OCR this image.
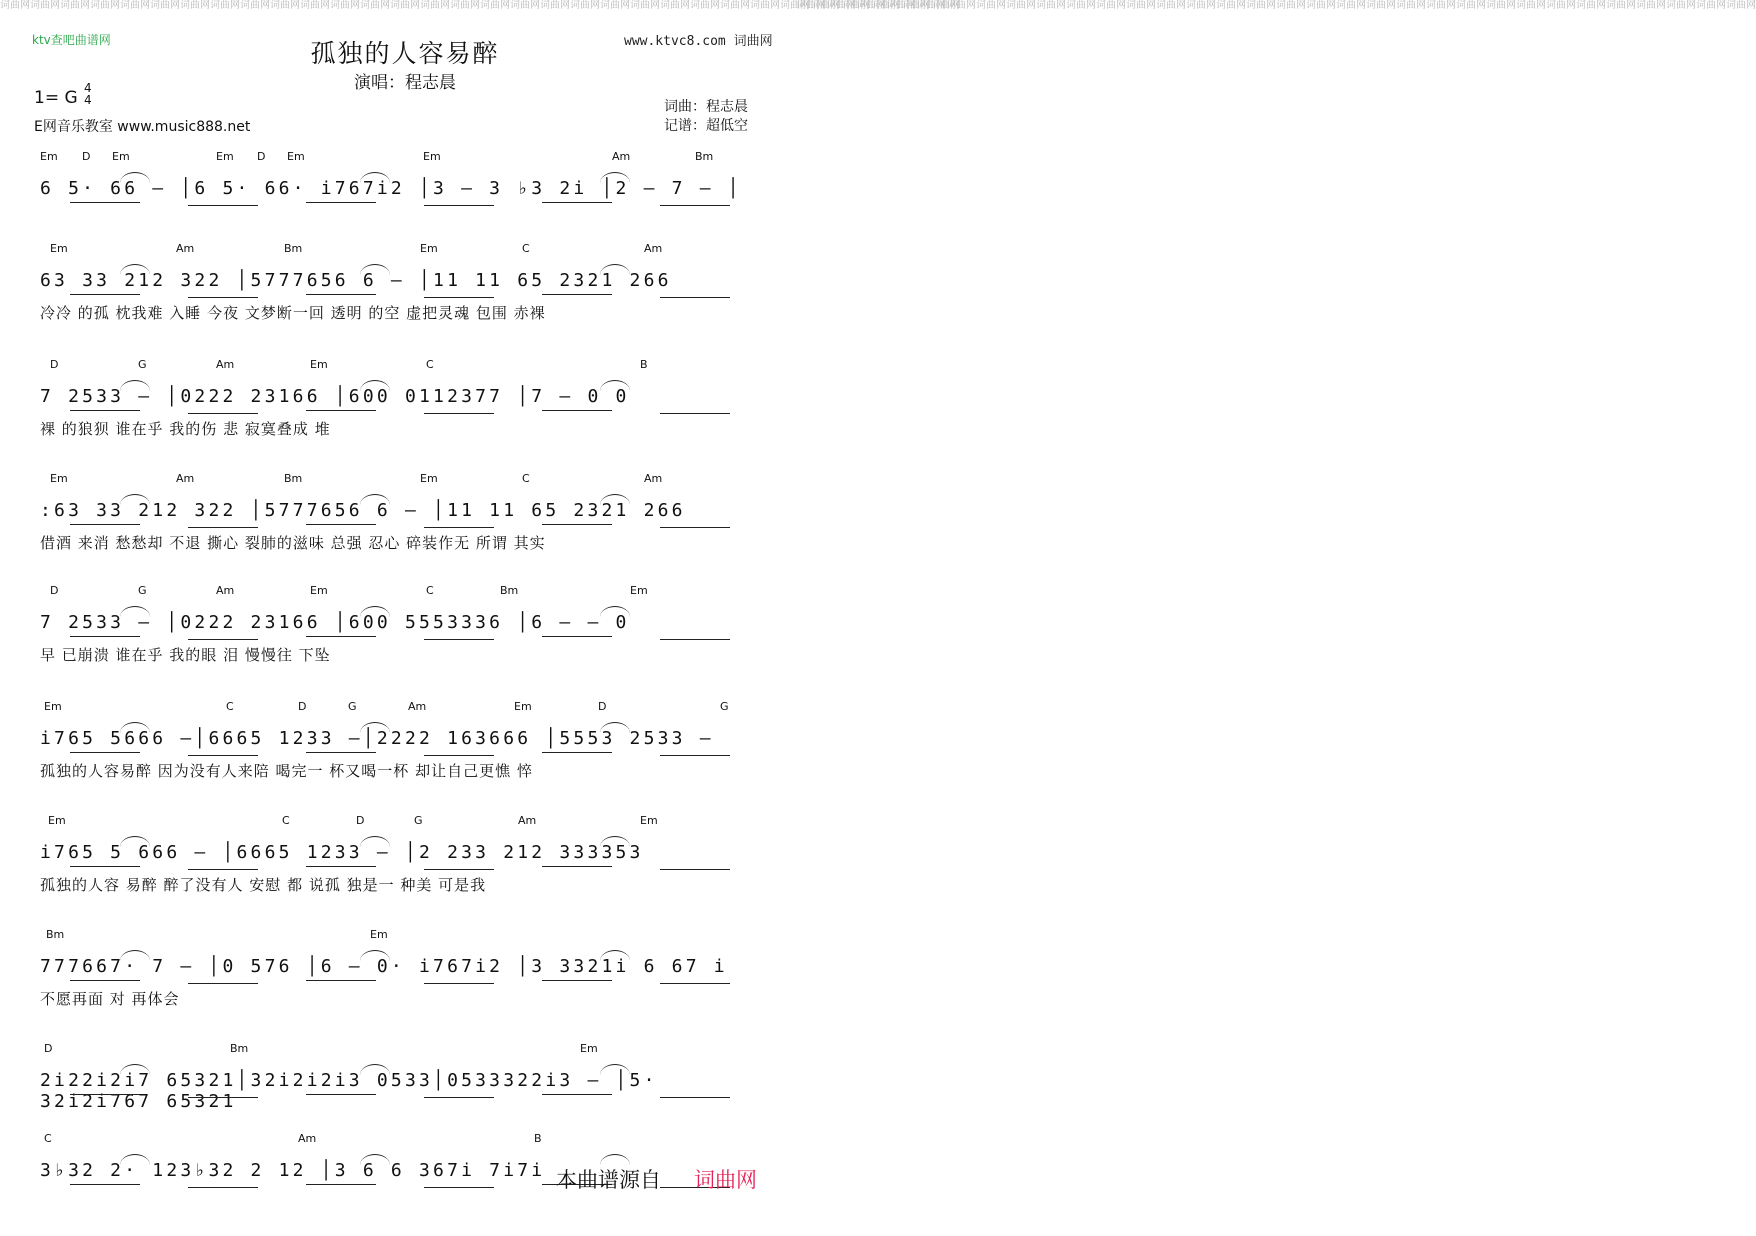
ktv查吧曲谱网	www.ktvc8.com 词曲网
词曲网词曲网词曲网词曲网词曲网词曲网词曲网词曲网词曲网词曲网词曲网词曲网词曲网词曲网词曲网词曲网词曲网词曲网词曲网词曲网词曲网词曲网词曲网词曲网词曲网词曲网词曲网词曲网词曲网词曲网词曲网词曲网
词曲网词曲网词曲网词曲网词曲网词曲网词曲网词曲网词曲网词曲网词曲网词曲网词曲网词曲网词曲网词曲网词曲网词曲网词曲网词曲网词曲网词曲网词曲网词曲网词曲网词曲网词曲网词曲网词曲网词曲网词曲网词曲网
孤独的人容易醉
演唱：程志晨
1= G 4
4
E网音乐教室 www.music888.net
词曲：程志晨
记谱：超低空
Em D Em	Em D Em	Em	Am	Bm
6 5· 66 — │6 5· 66· i767i2 │3 — 3 ♭3 2i │2 — 7 — │
Em	Am	Bm	Em	C	Am
63 33 212 322 │5777656 6 — │11 11 65 2321 266
冷冷 的孤 枕我难 入睡 今夜 文梦断一回 透明 的空 虚把灵魂 包围 赤裸
D	G	Am	Em	C	B
7 2533 — │0222 23166 │600 0112377 │7 — 0 0
裸 的狼狈 谁在乎 我的伤 悲 寂寞叠成 堆
Em	Am	Bm	Em	C	Am
:63 33 212 322 │5777656 6 — │11 11 65 2321 266
借酒 来消 愁愁却 不退 撕心 裂肺的滋味 总强 忍心 碎装作无 所谓 其实
D	G	Am	Em	C	Bm	Em
7 2533 — │0222 23166 │600 5553336 │6 — — 0
早 已崩溃 谁在乎 我的眼 泪 慢慢往 下坠
Em	C	D	G	Am	Em	D	G
i765 5666 —│6665 1233 —│2222 163666 │5553 2533 —
孤独的人容易醉 因为没有人来陪 喝完一 杯又喝一杯 却让自己更憔 悴
Em	C	D	G	Am	Em
i765 5 666 — │6665 1233 — │2 233 212 333353
孤独的人容 易醉 醉了没有人 安慰 都 说孤 独是一 种美 可是我
Bm	Em
777667· 7 — │0 576 │6 — 0· i767i2 │3 3321i 6 67 i
不愿再面 对 再体会
D	Bm	Em
2i22i2i7 65321│32i2i2i3 0533│0533322i3 — │5· 32i2i767 65321
C	Am	B
3♭32 2· 123♭32 2 12 │3 6 6 367i 7i7i 本曲谱源自 词曲网
